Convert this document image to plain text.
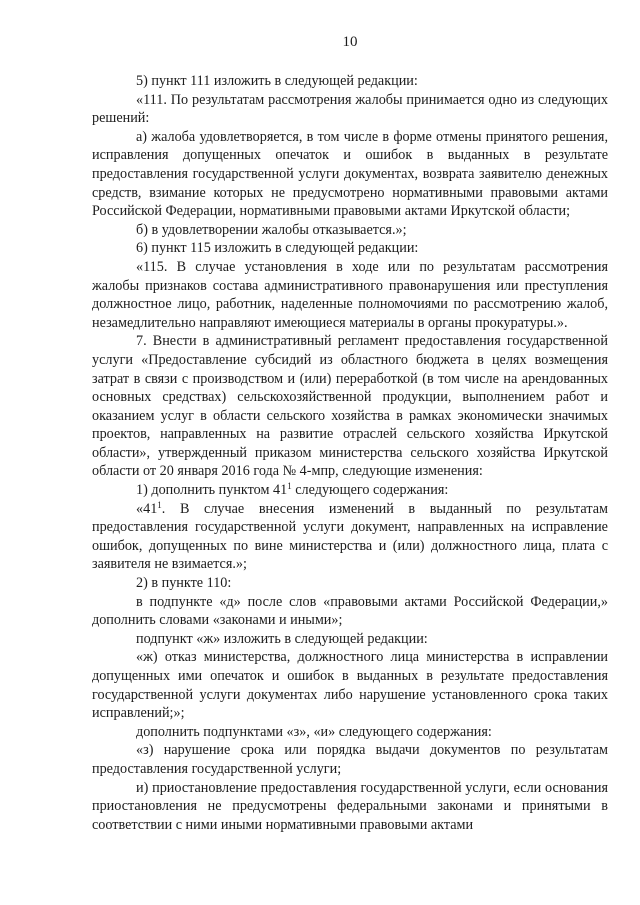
10

5) пункт 111 изложить в следующей редакции:

«111. По результатам рассмотрения жалобы принимается одно из следующих решений:

а) жалоба удовлетворяется, в том числе в форме отмены принятого решения, исправления допущенных опечаток и ошибок в выданных в результате предоставления государственной услуги документах, возврата заявителю денежных средств, взимание которых не предусмотрено нормативными правовыми актами Российской Федерации, нормативными правовыми актами Иркутской области;

б) в удовлетворении жалобы отказывается.»;

6) пункт 115 изложить в следующей редакции:

«115. В случае установления в ходе или по результатам рассмотрения жалобы признаков состава административного правонарушения или преступления должностное лицо, работник, наделенные полномочиями по рассмотрению жалоб, незамедлительно направляют имеющиеся материалы в органы прокуратуры.».

7. Внести в административный регламент предоставления государственной услуги «Предоставление субсидий из областного бюджета в целях возмещения затрат в связи с производством и (или) переработкой (в том числе на арендованных основных средствах) сельскохозяйственной продукции, выполнением работ и оказанием услуг в области сельского хозяйства в рамках экономически значимых проектов, направленных на развитие отраслей сельского хозяйства Иркутской области», утвержденный приказом министерства сельского хозяйства Иркутской области от 20 января 2016 года № 4-мпр, следующие изменения:

1) дополнить пунктом $41^1$ следующего содержания:

«$41^1$. В случае внесения изменений в выданный по результатам предоставления государственной услуги документ, направленных на исправление ошибок, допущенных по вине министерства и (или) должностного лица, плата с заявителя не взимается.»;

2) в пункте 110:

в подпункте «д» после слов «правовыми актами Российской Федерации,» дополнить словами «законами и иными»;

подпункт «ж» изложить в следующей редакции:

«ж) отказ министерства, должностного лица министерства в исправлении допущенных ими опечаток и ошибок в выданных в результате предоставления государственной услуги документах либо нарушение установленного срока таких исправлений;»;

дополнить подпунктами «з», «и» следующего содержания:

«з) нарушение срока или порядка выдачи документов по результатам предоставления государственной услуги;

и) приостановление предоставления государственной услуги, если основания приостановления не предусмотрены федеральными законами и принятыми в соответствии с ними иными нормативными правовыми актами
